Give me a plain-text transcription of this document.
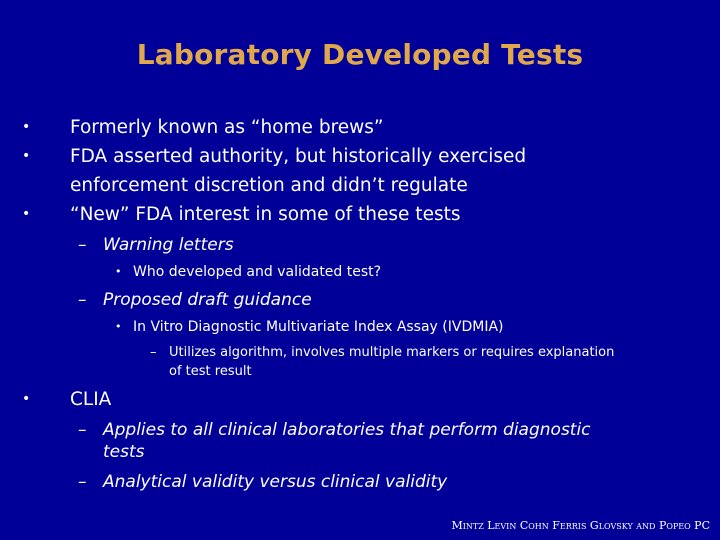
Laboratory Developed Tests
•	Formerly known as “home brews”
•	FDA asserted authority, but historically exercised
enforcement discretion and didn’t regulate
•	“New” FDA interest in some of these tests
– Warning letters
• Who developed and validated test?
– Proposed draft guidance
• In Vitro Diagnostic Multivariate Index Assay (IVDMIA)
– Utilizes algorithm, involves multiple markers or requires explanation
of test result
•	CLIA
– Applies to all clinical laboratories that perform diagnostic
tests
– Analytical validity versus clinical validity
Mintz Levin Cohn Ferris Glovsky and Popeo PC
